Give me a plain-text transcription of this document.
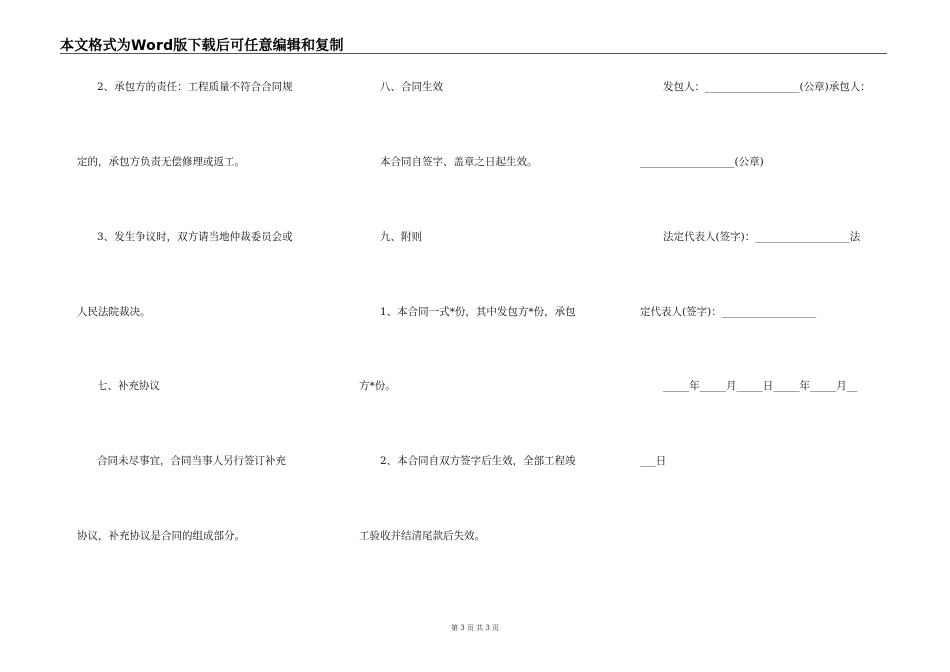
本文格式为Word版下载后可任意编辑和复制
2、承包方的责任：工程质量不符合合同规
定的，承包方负责无偿修理或返工。
3、发生争议时，双方请当地仲裁委员会或
人民法院裁决。
七、补充协议
合同未尽事宜，合同当事人另行签订补充
协议，补充协议是合同的组成部分。
八、合同生效
本合同自签字、盖章之日起生效。
九、附则
1、本合同一式*份，其中发包方*份，承包
方*份。
2、本合同自双方签字后生效，全部工程竣
工验收并结清尾款后失效。
发包人：__________________(公章)承包人：
__________________(公章)
法定代表人(签字)：__________________法
定代表人(签字)：__________________
_____年_____月_____日_____年_____月__
___日
第 3 页 共 3 页
